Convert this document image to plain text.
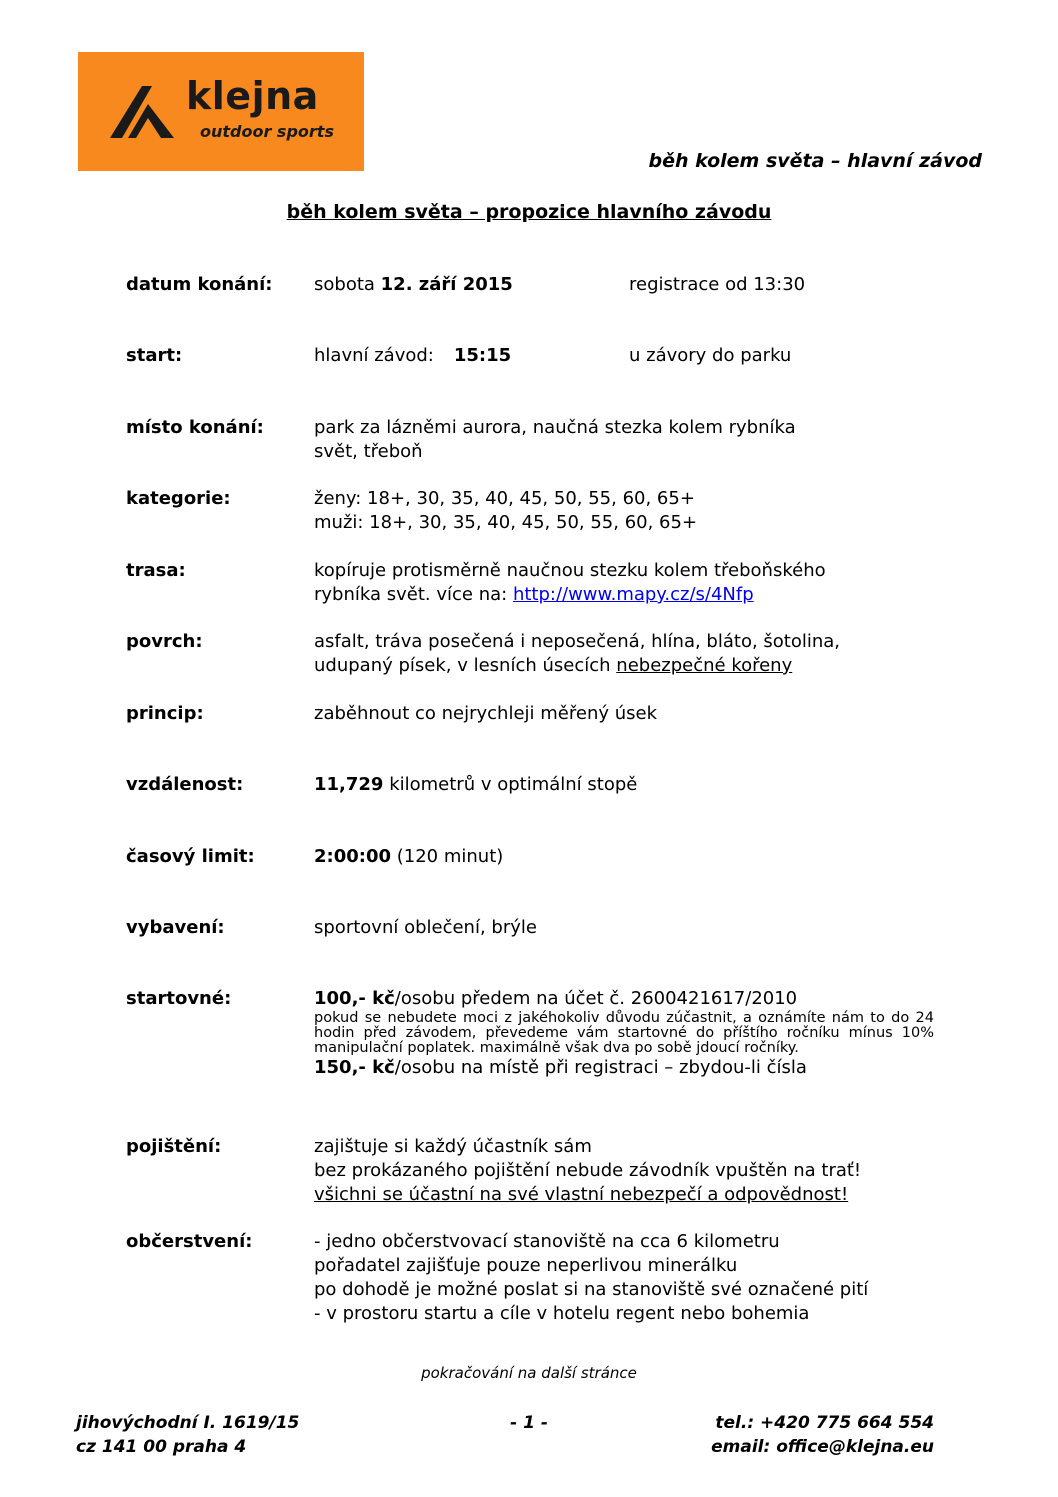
klejna
outdoor sports
běh kolem světa – hlavní závod
běh kolem světa – propozice hlavního závodu
datum konání: sobota 12. září 2015	registrace od 13:30
start:	hlavní závod: 15:15	u závory do parku
místo konání:	park za lázněmi aurora, naučná stezka kolem rybníka
svět, třeboň
kategorie:	ženy: 18+, 30, 35, 40, 45, 50, 55, 60, 65+
muži: 18+, 30, 35, 40, 45, 50, 55, 60, 65+
trasa:	kopíruje protisměrně naučnou stezku kolem třeboňského
rybníka svět. více na: http://www.mapy.cz/s/4Nfp
povrch:	asfalt, tráva posečená i neposečená, hlína, bláto, šotolina,
udupaný písek, v lesních úsecích nebezpečné kořeny
princip:	zaběhnout co nejrychleji měřený úsek
vzdálenost:	11,729 kilometrů v optimální stopě
časový limit:	2:00:00 (120 minut)
vybavení:	sportovní oblečení, brýle
startovné:	100,- kč/osobu předem na účet č. 2600421617/2010
pokud se nebudete moci z jakéhokoliv důvodu zúčastnit, a oznámíte nám to do 24 hodin před závodem, převedeme vám startovné do příštího ročníku mínus 10% manipulační poplatek. maximálně však dva po sobě jdoucí ročníky.
150,- kč/osobu na místě při registraci – zbydou-li čísla
pojištění:	zajištuje si každý účastník sám
bez prokázaného pojištění nebude závodník vpuštěn na trať!
všichni se účastní na své vlastní nebezpečí a odpovědnost!
občerstvení:	- jedno občerstvovací stanoviště na cca 6 kilometru
pořadatel zajišťuje pouze neperlivou minerálku
po dohodě je možné poslat si na stanoviště své označené pití
- v prostoru startu a cíle v hotelu regent nebo bohemia
pokračování na další stránce
jihovýchodní I. 1619/15
cz 141 00 praha 4
- 1 -	tel.: +420 775 664 554
email: office@klejna.eu
